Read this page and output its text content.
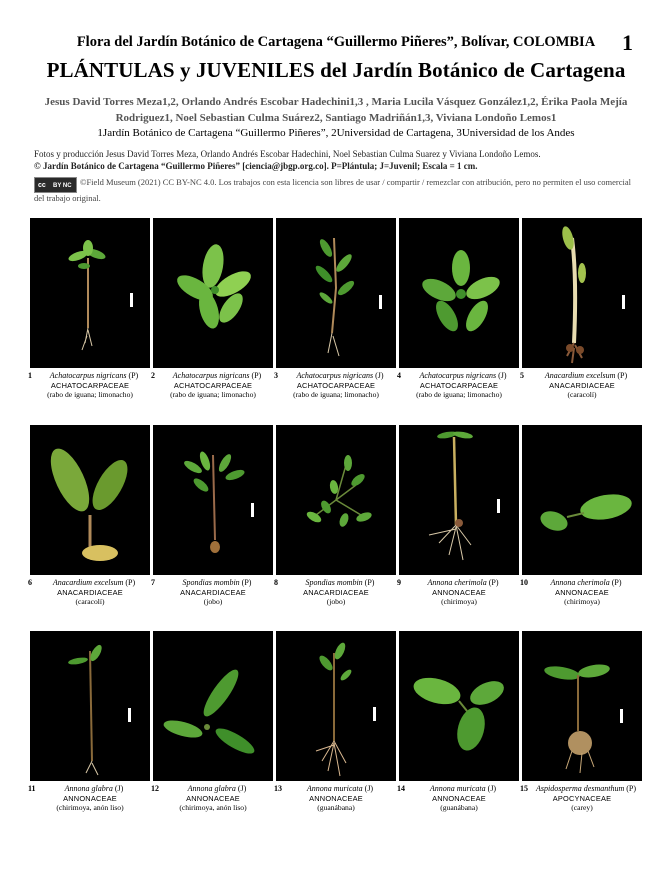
Flora del Jardín Botánico de Cartagena “Guillermo Piñeres”, Bolívar, COLOMBIA	1
PLÁNTULAS y JUVENILES del Jardín Botánico de Cartagena
Jesus David Torres Meza1,2, Orlando Andrés Escobar Hadechini1,3 , Maria Lucila Vásquez González1,2, Érika Paola Mejía
Rodriguez1, Noel Sebastian Culma Suárez2, Santiago Madriñán1,3, Viviana Londoño Lemos1
1Jardín Botánico de Cartagena “Guillermo Piñeres”, 2Universidad de Cartagena, 3Universidad de los Andes
Fotos y producción Jesus David Torres Meza, Orlando Andrés Escobar Hadechini, Noel Sebastian Culma Suarez y Viviana Londoño Lemos.
© Jardín Botánico de Cartagena “Guillermo Piñeres” [ciencia@jbgp.org.co]. P=Plántula; J=Juvenil; Escala = 1 cm.
cc BY NC ©Field Museum (2021) CC BY-NC 4.0. Los trabajos con esta licencia son libres de usar / compartir / remezclar con atribución, pero no permiten el uso comercial del trabajo original.
1	Achatocarpus nigricans (P)
ACHATOCARPACEAE
(rabo de iguana; limonacho)
2	Achatocarpus nigricans (P)
ACHATOCARPACEAE
(rabo de iguana; limonacho)
3	Achatocarpus nigricans (J)
ACHATOCARPACEAE
(rabo de iguana; limonacho)
4	Achatocarpus nigricans (J)
ACHATOCARPACEAE
(rabo de iguana; limonacho)
5	Anacardium excelsum (P)
ANACARDIACEAE
(caracolí)
6	Anacardium excelsum (P)
ANACARDIACEAE
(caracolí)
7	Spondias mombin (P)
ANACARDIACEAE
(jobo)
8	Spondias mombin (P)
ANACARDIACEAE
(jobo)
9	Annona cherimola (P)
ANNONACEAE
(chirimoya)
10	Annona cherimola (P)
ANNONACEAE
(chirimoya)
11	Annona glabra (J)
ANNONACEAE
(chirimoya, anón liso)
12	Annona glabra (J)
ANNONACEAE
(chirimoya, anón liso)
13	Annona muricata (J)
ANNONACEAE
(guanábana)
14	Annona muricata (J)
ANNONACEAE
(guanábana)
15	Aspidosperma desmanthum (P)
APOCYNACEAE
(carey)
